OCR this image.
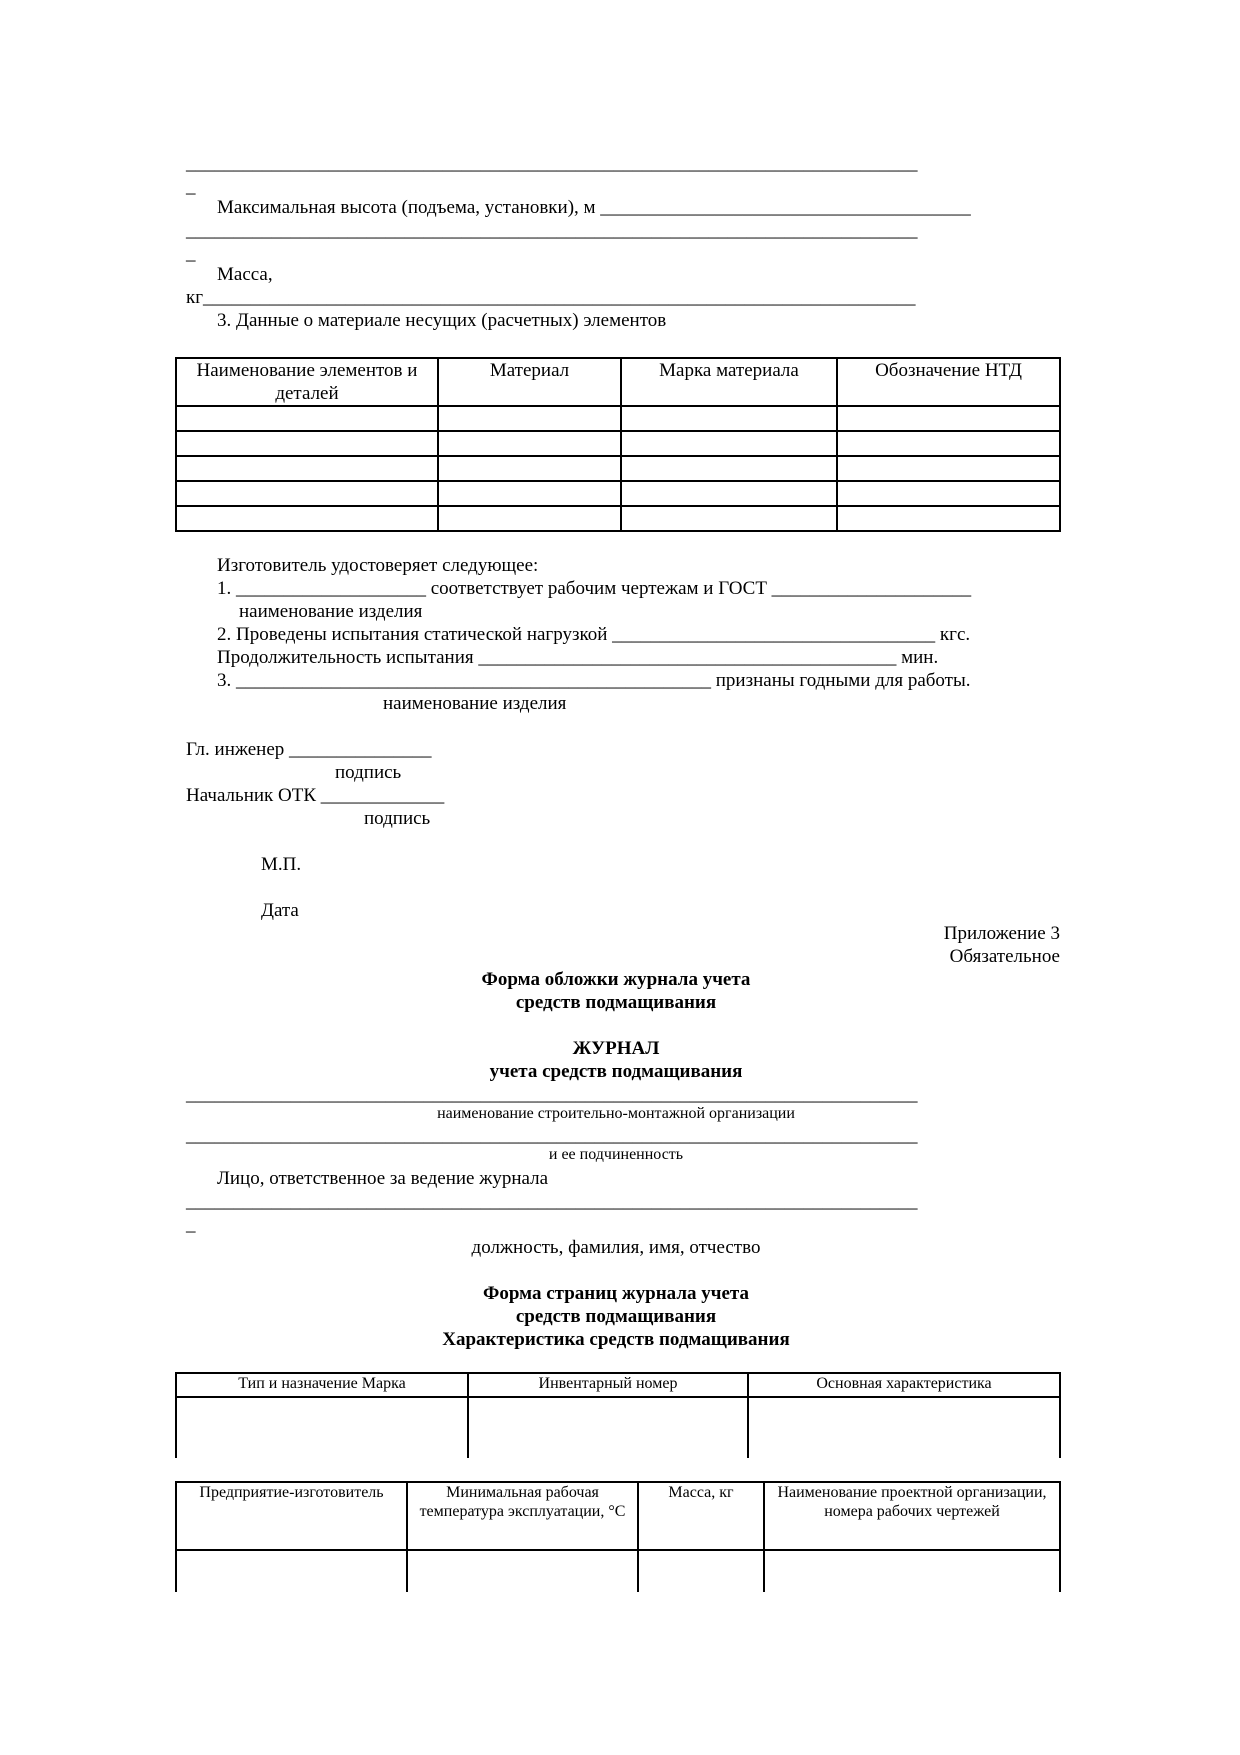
_____________________________________________________________________________
_
Максимальная высота (подъема, установки), м _______________________________________
_____________________________________________________________________________
_
Масса,
кг___________________________________________________________________________
3. Данные о материале несущих (расчетных) элементов
Наименование элементов и деталей	Материал	Марка материала	Обозначение НТД

Изготовитель удостоверяет следующее:
1. ____________________ соответствует рабочим чертежам и ГОСТ _____________________
наименование изделия
2. Проведены испытания статической нагрузкой __________________________________ кгс.
Продолжительность испытания ____________________________________________ мин.
3. __________________________________________________ признаны годными для работы.
наименование изделия
Гл. инженер _______________
подпись
Начальник ОТК _____________
подпись
М.П.
Дата
Приложение 3
Обязательное
Форма обложки журнала учета
средств подмащивания
ЖУРНАЛ
учета средств подмащивания
_____________________________________________________________________________
наименование строительно-монтажной организации
_____________________________________________________________________________
и ее подчиненность
Лицо, ответственное за ведение журнала
_____________________________________________________________________________
_
должность, фамилия, имя, отчество
Форма страниц журнала учета
средств подмащивания
Характеристика средств подмащивания
Тип и назначение Марка	Инвентарный номер	Основная характеристика

Предприятие-изготовитель	Минимальная рабочая температура эксплуатации, °С	Масса, кг	Наименование проектной организации, номера рабочих чертежей
